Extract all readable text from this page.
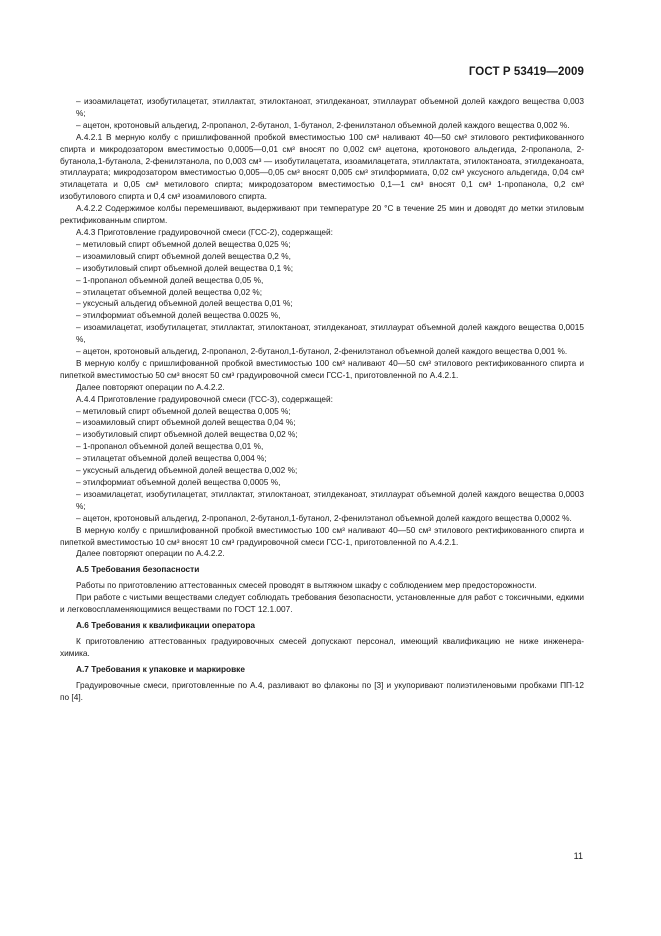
ГОСТ Р 53419—2009

– изоамилацетат, изобутилацетат, этиллактат, этилоктаноат, этилдеканоат, этиллаурат объемной долей каждого вещества 0,003 %;

– ацетон, кротоновый альдегид, 2-пропанол, 2-бутанол, 1-бутанол, 2-фенилэтанол объемной долей каждого вещества 0,002 %.

А.4.2.1 В мерную колбу с пришлифованной пробкой вместимостью 100 см³ наливают 40—50 см³ этилового ректификованного спирта и микродозатором вместимостью 0,0005—0,01 см³ вносят по 0,002 см³ ацетона, кротонового альдегида, 2-пропанола, 2-бутанола,1-бутанола, 2-фенилэтанола, по 0,003 см³ — изобутилацетата, изоамилацетата, этиллактата, этилоктаноата, этилдеканоата, этиллаурата; микродозатором вместимостью 0,005—0,05 см³ вносят 0,005 см³ этилформиата, 0,02 см³ уксусного альдегида, 0,04 см³ этилацетата и 0,05 см³ метилового спирта; микродозатором вместимостью 0,1—1 см³ вносят 0,1 см³ 1-пропанола, 0,2 см³ изобутилового спирта и 0,4 см³ изоамилового спирта.

А.4.2.2 Содержимое колбы перемешивают, выдерживают при температуре 20 °С в течение 25 мин и доводят до метки этиловым ректификованным спиртом.

А.4.3 Приготовление градуировочной смеси (ГСС-2), содержащей:

– метиловый спирт объемной долей вещества 0,025 %;

– изоамиловый спирт объемной долей вещества 0,2 %,

– изобутиловый спирт объемной долей вещества 0,1 %;

– 1-пропанол объемной долей вещества 0,05 %,

– этилацетат объемной долей вещества 0,02 %;

– уксусный альдегид объемной долей вещества 0,01 %;

– этилформиат объемной долей вещества 0.0025 %,

– изоамилацетат, изобутилацетат, этиллактат, этилоктаноат, этилдеканоат, этиллаурат объемной долей каждого вещества 0,0015 %,

– ацетон, кротоновый альдегид, 2-пропанол, 2-бутанол,1-бутанол, 2-фенилэтанол объемной долей каждого вещества 0,001 %.

В мерную колбу с пришлифованной пробкой вместимостью 100 см³ наливают 40—50 см³ этилового ректификованного спирта и пипеткой вместимостью 50 см³ вносят 50 см³ градуировочной смеси ГСС-1, приготовленной по А.4.2.1.

Далее повторяют операции по А.4.2.2.

А.4.4 Приготовление градуировочной смеси (ГСС-3), содержащей:

– метиловый спирт объемной долей вещества 0,005 %;

– изоамиловый спирт объемной долей вещества 0,04 %;

– изобутиловый спирт объемной долей вещества 0,02 %;

– 1-пропанол объемной долей вещества 0,01 %,

– этилацетат объемной долей вещества 0,004 %;

– уксусный альдегид объемной долей вещества 0,002 %;

– этилформиат объемной долей вещества 0,0005 %,

– изоамилацетат, изобутилацетат, этиллактат, этилоктаноат, этилдеканоат, этиллаурат объемной долей каждого вещества 0,0003 %;

– ацетон, кротоновый альдегид, 2-пропанол, 2-бутанол,1-бутанол, 2-фенилэтанол объемной долей каждого вещества 0,0002 %.

В мерную колбу с пришлифованной пробкой вместимостью 100 см³ наливают 40—50 см³ этилового ректификованного спирта и пипеткой вместимостью 10 см³ вносят 10 см³ градуировочной смеси ГСС-1, приготовленной по А.4.2.1.

Далее повторяют операции по А.4.2.2.

А.5 Требования безопасности

Работы по приготовлению аттестованных смесей проводят в вытяжном шкафу с соблюдением мер предосторожности.

При работе с чистыми веществами следует соблюдать требования безопасности, установленные для работ с токсичными, едкими и легковоспламеняющимися веществами по ГОСТ 12.1.007.

А.6 Требования к квалификации оператора

К приготовлению аттестованных градуировочных смесей допускают персонал, имеющий квалификацию не ниже инженера-химика.

А.7 Требования к упаковке и маркировке

Градуировочные смеси, приготовленные по А.4, разливают во флаконы по [3] и укупоривают полиэтиленовыми пробками ПП-12 по [4].

11
